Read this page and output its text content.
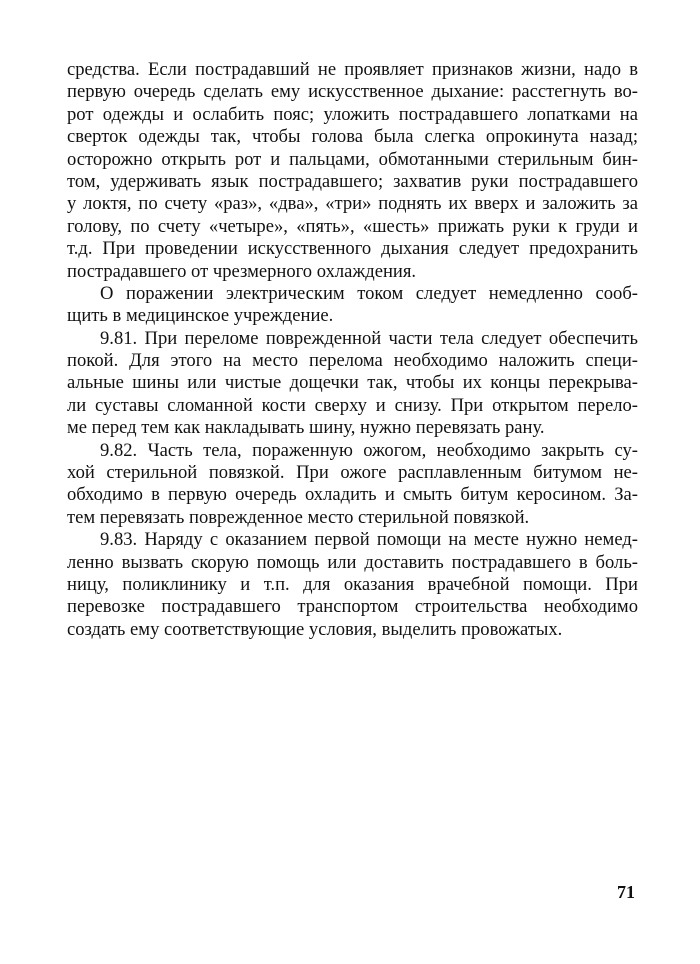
средства. Если пострадавший не проявляет признаков жизни, надо в
первую очередь сделать ему искусственное дыхание: расстегнуть во-
рот одежды и ослабить пояс; уложить пострадавшего лопатками на
сверток одежды так, чтобы голова была слегка опрокинута назад;
осторожно открыть рот и пальцами, обмотанными стерильным бин-
том, удерживать язык пострадавшего; захватив руки пострадавшего
у локтя, по счету «раз», «два», «три» поднять их вверх и заложить за
голову, по счету «четыре», «пять», «шесть» прижать руки к груди и
т.д. При проведении искусственного дыхания следует предохранить
пострадавшего от чрезмерного охлаждения.
О поражении электрическим током следует немедленно сооб-
щить в медицинское учреждение.
9.81. При переломе поврежденной части тела следует обеспечить
покой. Для этого на место перелома необходимо наложить специ-
альные шины или чистые дощечки так, чтобы их концы перекрыва-
ли суставы сломанной кости сверху и снизу. При открытом перело-
ме перед тем как накладывать шину, нужно перевязать рану.
9.82. Часть тела, пораженную ожогом, необходимо закрыть су-
хой стерильной повязкой. При ожоге расплавленным битумом не-
обходимо в первую очередь охладить и смыть битум керосином. За-
тем перевязать поврежденное место стерильной повязкой.
9.83. Наряду с оказанием первой помощи на месте нужно немед-
ленно вызвать скорую помощь или доставить пострадавшего в боль-
ницу, поликлинику и т.п. для оказания врачебной помощи. При
перевозке пострадавшего транспортом строительства необходимо
создать ему соответствующие условия, выделить провожатых.
71
